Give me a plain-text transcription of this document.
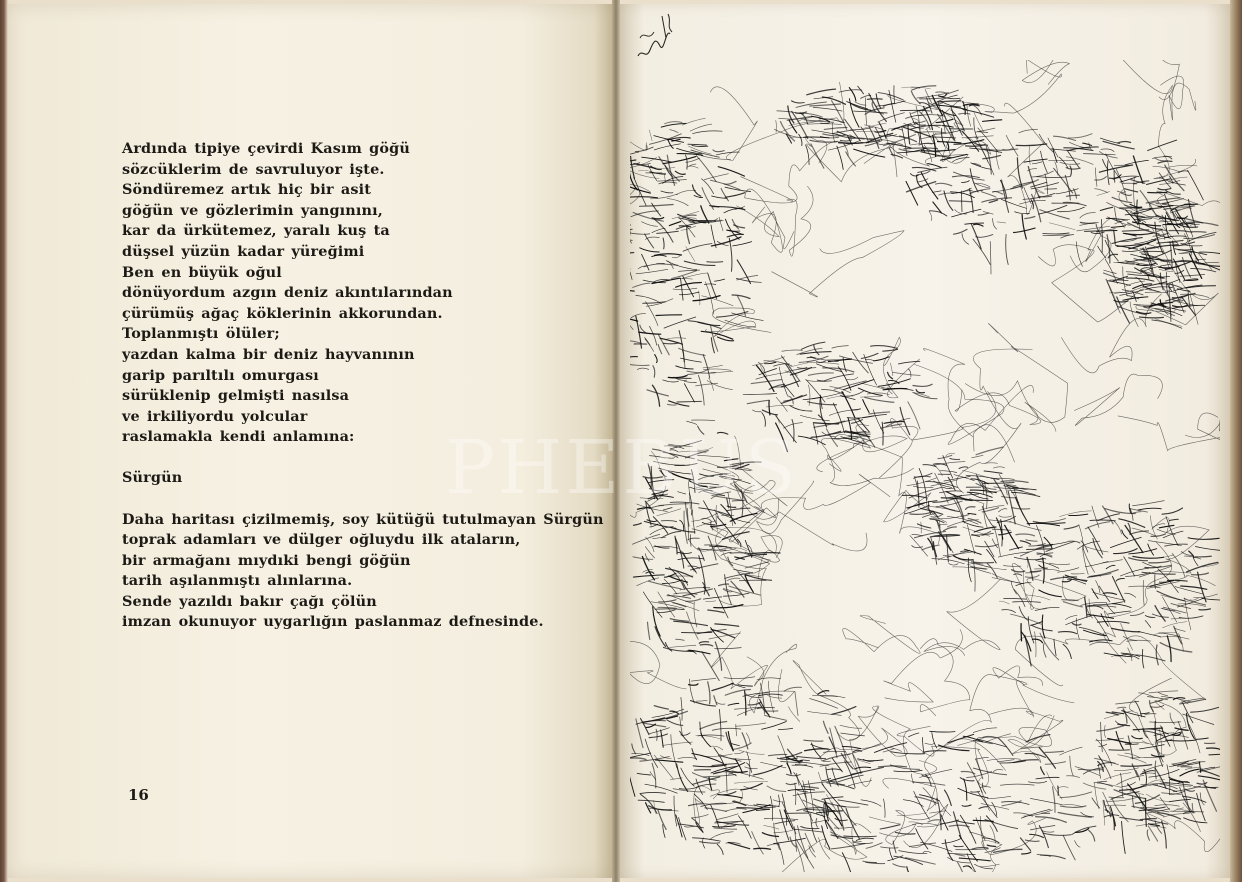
Ardında tipiye çevirdi Kasım göğü
sözcüklerim de savruluyor işte.
Söndüremez artık hiç bir asit
göğün ve gözlerimin yangınını,
kar da ürkütemez, yaralı kuş ta
düşsel yüzün kadar yüreğimi
Ben en büyük oğul
dönüyordum azgın deniz akıntılarından
çürümüş ağaç köklerinin akkorundan.
Toplanmıştı ölüler;
yazdan kalma bir deniz hayvanının
garip parıltılı omurgası
sürüklenip gelmişti nasılsa
ve irkiliyordu yolcular
raslamakla kendi anlamına:
Sürgün
Daha haritası çizilmemiş, soy kütüğü tutulmayan Sürgün
toprak adamları ve dülger oğluydu ilk ataların,
bir armağanı mıydıki bengi göğün
tarih aşılanmıştı alınlarına.
Sende yazıldı bakır çağı çölün
imzan okunuyor uygarlığın paslanmaz defnesinde.
16
PHEBUS
